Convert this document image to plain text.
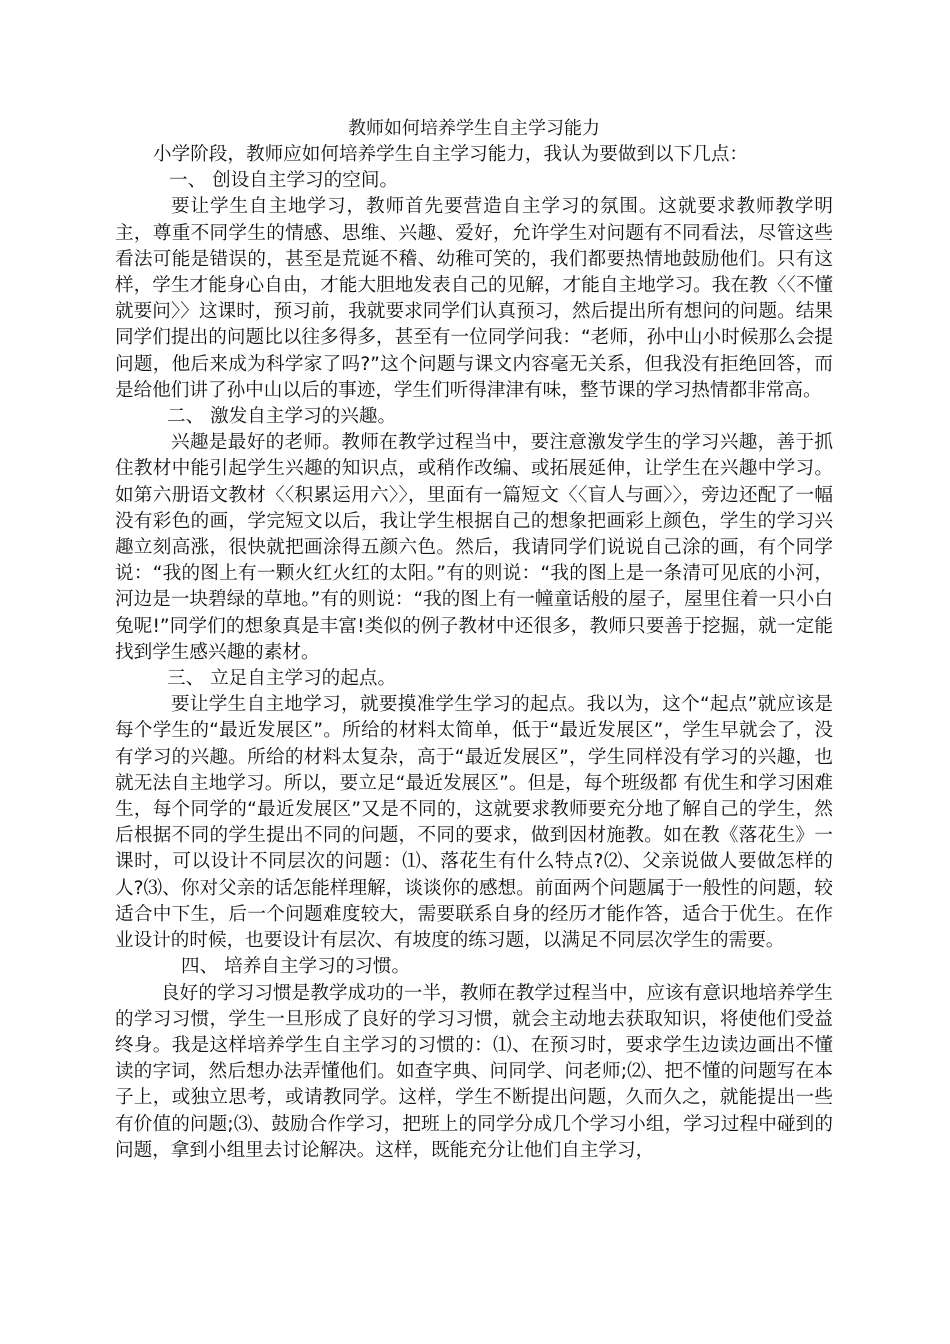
教师如何培养学生自主学习能力

小学阶段，教师应如何培养学生自主学习能力，我认为要做到以下几点：

一、 创设自主学习的空间。

要让学生自主地学习，教师首先要营造自主学习的氛围。这就要求教师教学明主，尊重不同学生的情感、思维、兴趣、爱好，允许学生对问题有不同看法，尽管这些看法可能是错误的，甚至是荒诞不稽、幼稚可笑的，我们都要热情地鼓励他们。只有这样，学生才能身心自由，才能大胆地发表自己的见解，才能自主地学习。我在教〈〈不懂就要问〉〉这课时，预习前，我就要求同学们认真预习，然后提出所有想问的问题。结果同学们提出的问题比以往多得多，甚至有一位同学问我：“老师，孙中山小时候那么会提问题，他后来成为科学家了吗?”这个问题与课文内容毫无关系，但我没有拒绝回答，而是给他们讲了孙中山以后的事迹，学生们听得津津有味，整节课的学习热情都非常高。

二、 激发自主学习的兴趣。

兴趣是最好的老师。教师在教学过程当中，要注意激发学生的学习兴趣，善于抓住教材中能引起学生兴趣的知识点，或稍作改编、或拓展延伸，让学生在兴趣中学习。如第六册语文教材〈〈积累运用六〉〉，里面有一篇短文〈〈盲人与画〉〉，旁边还配了一幅没有彩色的画，学完短文以后，我让学生根据自己的想象把画彩上颜色，学生的学习兴趣立刻高涨，很快就把画涂得五颜六色。然后，我请同学们说说自己涂的画，有个同学说：“我的图上有一颗火红火红的太阳。”有的则说：“我的图上是一条清可见底的小河，河边是一块碧绿的草地。”有的则说：“我的图上有一幢童话般的屋子，屋里住着一只小白兔呢!”同学们的想象真是丰富!类似的例子教材中还很多，教师只要善于挖掘，就一定能找到学生感兴趣的素材。

三、 立足自主学习的起点。

要让学生自主地学习，就要摸准学生学习的起点。我以为，这个“起点”就应该是每个学生的“最近发展区”。所给的材料太简单，低于“最近发展区”，学生早就会了，没有学习的兴趣。所给的材料太复杂，高于“最近发展区”，学生同样没有学习的兴趣，也就无法自主地学习。所以，要立足“最近发展区”。但是，每个班级都 有优生和学习困难生，每个同学的“最近发展区”又是不同的，这就要求教师要充分地了解自己的学生，然后根据不同的学生提出不同的问题，不同的要求，做到因材施教。如在教《落花生》一课时，可以设计不同层次的问题：⑴、落花生有什么特点?⑵、父亲说做人要做怎样的人?⑶、你对父亲的话怎能样理解，谈谈你的感想。前面两个问题属于一般性的问题，较适合中下生，后一个问题难度较大，需要联系自身的经历才能作答，适合于优生。在作业设计的时候，也要设计有层次、有坡度的练习题，以满足不同层次学生的需要。

四、 培养自主学习的习惯。

良好的学习习惯是教学成功的一半，教师在教学过程当中，应该有意识地培养学生的学习习惯，学生一旦形成了良好的学习习惯，就会主动地去获取知识，将使他们受益终身。我是这样培养学生自主学习的习惯的：⑴、在预习时，要求学生边读边画出不懂读的字词，然后想办法弄懂他们。如查字典、问同学、问老师;⑵、把不懂的问题写在本子上，或独立思考，或请教同学。这样，学生不断提出问题，久而久之，就能提出一些有价值的问题;⑶、鼓励合作学习，把班上的同学分成几个学习小组，学习过程中碰到的问题，拿到小组里去讨论解决。这样，既能充分让他们自主学习，
